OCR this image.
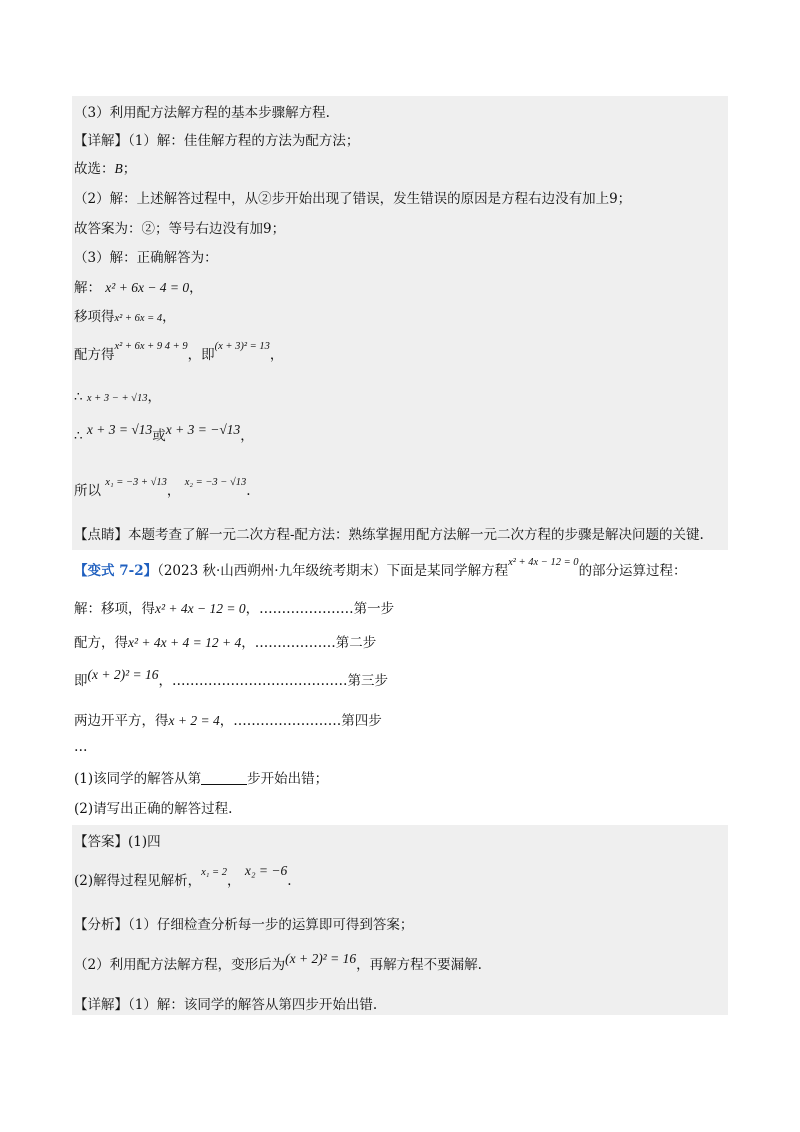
（3）利用配方法解方程的基本步骤解方程.
【详解】（1）解：佳佳解方程的方法为配方法；
故选：B；
（2）解：上述解答过程中，从②步开始出现了错误，发生错误的原因是方程右边没有加上9；
故答案为：②；等号右边没有加9；
（3）解：正确解答为：
解： x² + 6x − 4 = 0，
移项得x² + 6x = 4，
配方得$^{x^2 + 6x + 9 4 + 9}$，即$^{(x + 3)^2 = 13}$，
∴ x + 3 − + √13，
∴ x + 3 = √13或x + 3 = −√13，
所以 $^{x_1 = -3 + √13}$， $^{x_2 = -3 - √13}$.
【点睛】本题考查了解一元二次方程-配方法：熟练掌握用配方法解一元二次方程的步骤是解决问题的关键.
【变式 7-2】（2023 秋·山西朔州·九年级统考期末）下面是某同学解方程$^{x^2 + 4x - 12 = 0}$的部分运算过程：
解：移项，得x² + 4x − 12 = 0，…………………第一步
配方，得x² + 4x + 4 = 12 + 4，………………第二步
即(x + 2)² = 16，…………………………………第三步
两边开平方，得x + 2 = 4，……………………第四步
…
(1)该同学的解答从第	步开始出错；
(2)请写出正确的解答过程.
【答案】(1)四
(2)解得过程见解析，$^{x_1 = 2}$， x₂ = −6.
【分析】（1）仔细检查分析每一步的运算即可得到答案；
（2）利用配方法解方程，变形后为(x + 2)² = 16，再解方程不要漏解.
【详解】（1）解：该同学的解答从第四步开始出错.
